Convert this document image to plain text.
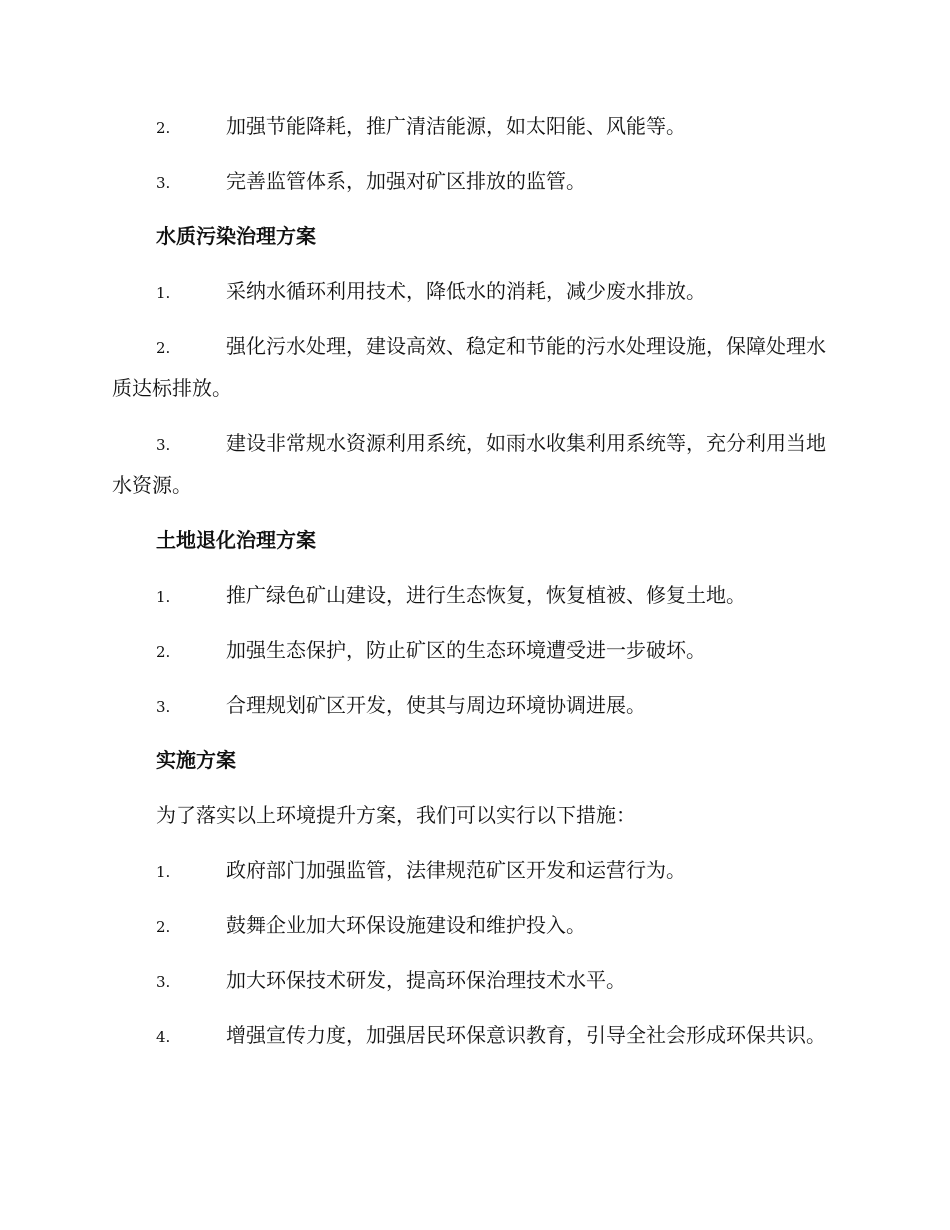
2.	加强节能降耗，推广清洁能源，如太阳能、风能等。
3.	完善监管体系，加强对矿区排放的监管。
水质污染治理方案
1.	采纳水循环利用技术，降低水的消耗，减少废水排放。
2.	强化污水处理，建设高效、稳定和节能的污水处理设施，保障处理水质达标排放。
3.	建设非常规水资源利用系统，如雨水收集利用系统等，充分利用当地水资源。
土地退化治理方案
1.	推广绿色矿山建设，进行生态恢复，恢复植被、修复土地。
2.	加强生态保护，防止矿区的生态环境遭受进一步破坏。
3.	合理规划矿区开发，使其与周边环境协调进展。
实施方案
为了落实以上环境提升方案，我们可以实行以下措施：
1.	政府部门加强监管，法律规范矿区开发和运营行为。
2.	鼓舞企业加大环保设施建设和维护投入。
3.	加大环保技术研发，提高环保治理技术水平。
4.	增强宣传力度，加强居民环保意识教育，引导全社会形成环保共识。
